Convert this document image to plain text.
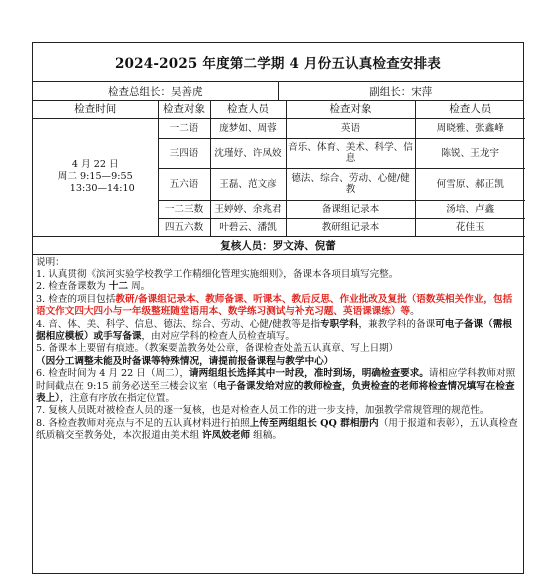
2024-2025 年度第二学期 4 月份五认真检查安排表
检查总组长： 吴善虎	副组长： 宋萍
检查时间	检查对象	检查人员	检查对象	检查人员

4 月 22 日
周二 9:15—9:55
13:30—14:10	一二语	庞梦如、周蓉	英语	周晓雅、张鑫峰
	三四语	沈瑾妤、许凤姣	音乐、体育、美术、科学、信息	陈锐、王龙宇
	五六语	王磊、范文彦	德法、综合、劳动、心健/健教	何雪原、郝正凯
	一二三数	王婷婷、余兆君	备课组记录本	汤培、卢鑫
	四五六数	叶碧云、潘凯	教研组记录本	花佳玉
复核人员：罗文涛、倪蕾

说明：

1. 认真贯彻《滨河实验学校教学工作精细化管理实施细则》，备课本各项目填写完整。

2. 检查备课数为 十二 周。

3. 检查的项目包括教研/备课组记录本、教师备课、听课本、教后反思、作业批改及复批（语数英相关作业，包括语文作文四大四小与一年级整班随堂语用本、数学练习测试与补充习题、英语课课练）等。

4. 音、体、美、科学、信息、德法、综合、劳动、心健/健教等是指专职学科，兼教学科的备课可电子备课（需根据相应模板）或手写备课，由对应学科的检查人员检查填写。

5. 备课本上要留有痕迹。（教案要盖教务处公章，备课检查处盖五认真章、写上日期）
（因分工调整未能及时备课等特殊情况，请提前报备课程与教学中心）

6. 检查时间为 4 月 22 日（周二），请两组组长选择其中一时段，准时到场，明确检查要求。请相应学科教师对照时间截点在 9:15 前务必送至三楼会议室（电子备课发给对应的教师检查，负责检查的老师将检查情况填写在检查表上），注意有序放在指定位置。

7. 复核人员既对被检查人员的逐一复核，也是对检查人员工作的进一步支持，加强教学常规管理的规范性。

8. 各检查教师对亮点与不足的五认真材料进行拍照上传至两组组长 QQ 群相册内（用于报道和表彰），五认真检查纸质稿交至教务处，本次报道由美术组 许凤姣老师 组稿。
